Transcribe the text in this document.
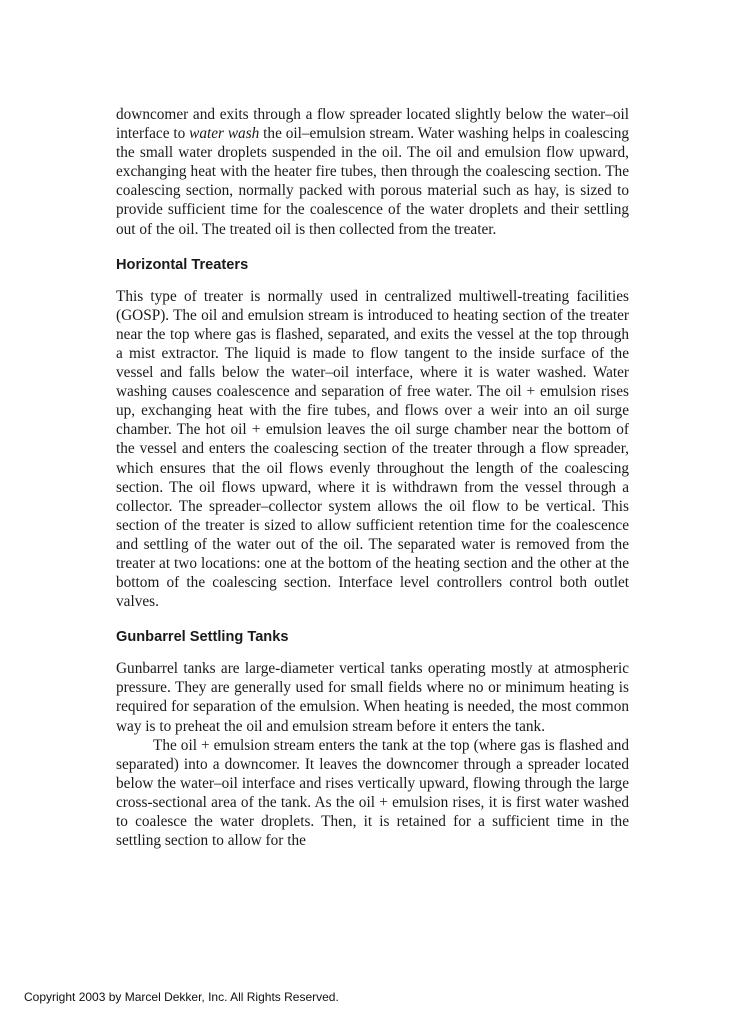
downcomer and exits through a flow spreader located slightly below the water–oil interface to water wash the oil–emulsion stream. Water washing helps in coalescing the small water droplets suspended in the oil. The oil and emulsion flow upward, exchanging heat with the heater fire tubes, then through the coalescing section. The coalescing section, normally packed with porous material such as hay, is sized to provide sufficient time for the coalescence of the water droplets and their settling out of the oil. The treated oil is then collected from the treater.

Horizontal Treaters

This type of treater is normally used in centralized multiwell-treating facilities (GOSP). The oil and emulsion stream is introduced to heating section of the treater near the top where gas is flashed, separated, and exits the vessel at the top through a mist extractor. The liquid is made to flow tangent to the inside surface of the vessel and falls below the water–oil interface, where it is water washed. Water washing causes coalescence and separation of free water. The oil + emulsion rises up, exchanging heat with the fire tubes, and flows over a weir into an oil surge chamber. The hot oil + emulsion leaves the oil surge chamber near the bottom of the vessel and enters the coalescing section of the treater through a flow spreader, which ensures that the oil flows evenly throughout the length of the coalescing section. The oil flows upward, where it is withdrawn from the vessel through a collector. The spreader–collector system allows the oil flow to be vertical. This section of the treater is sized to allow sufficient retention time for the coalescence and settling of the water out of the oil. The separated water is removed from the treater at two locations: one at the bottom of the heating section and the other at the bottom of the coalescing section. Interface level controllers control both outlet valves.

Gunbarrel Settling Tanks

Gunbarrel tanks are large-diameter vertical tanks operating mostly at atmospheric pressure. They are generally used for small fields where no or minimum heating is required for separation of the emulsion. When heating is needed, the most common way is to preheat the oil and emulsion stream before it enters the tank.

The oil + emulsion stream enters the tank at the top (where gas is flashed and separated) into a downcomer. It leaves the downcomer through a spreader located below the water–oil interface and rises vertically upward, flowing through the large cross-sectional area of the tank. As the oil + emulsion rises, it is first water washed to coalesce the water droplets. Then, it is retained for a sufficient time in the settling section to allow for the

Copyright 2003 by Marcel Dekker, Inc. All Rights Reserved.
